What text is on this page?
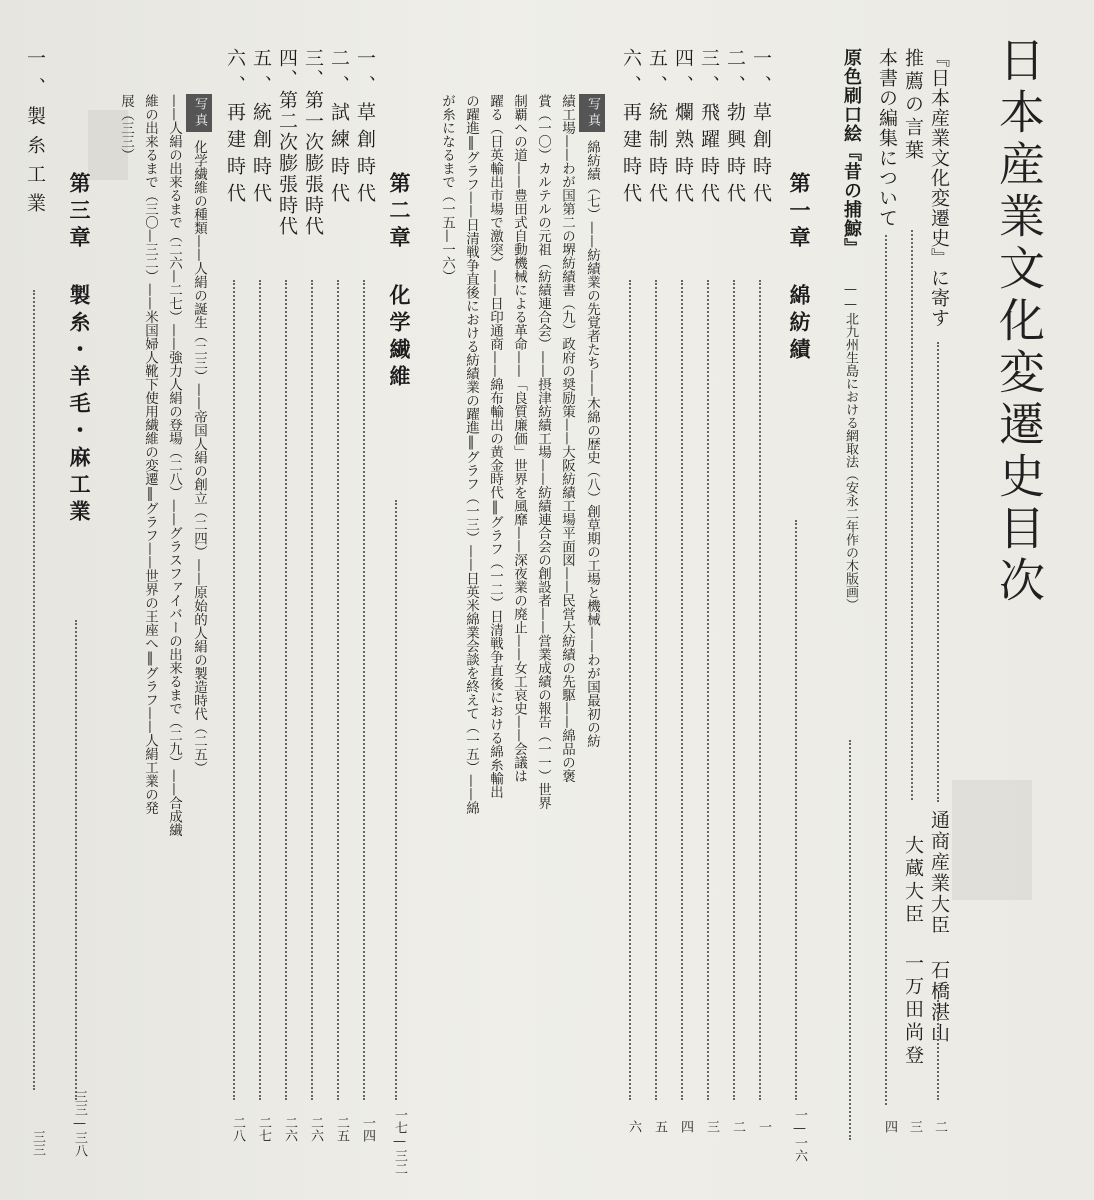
日本産業文化変遷史目次
『日本産業文化変遷史』に寄す
通商産業大臣 石橋湛山
二
推薦の言葉
大蔵大臣 一万田尚登
三
本書の編集について
四
原色刷口絵『昔の捕鯨』
——北九州生島における網取法（安永二年作の木版画）
第一章 綿紡績
一—一六
一、草創時代
一
二、勃興時代
二
三、飛躍時代
三
四、爛熟時代
四
五、統制時代
五
六、再建時代
六
写真綿紡績（七）——紡績業の先覚者たち——木綿の歴史（八）創草期の工場と機械——わが国最初の紡
績工場——わが国第二の堺紡績書（九）政府の奨励策——大阪紡績工場平面図——民営大紡績の先駆——綿品の褒
賞（一〇）カルテルの元祖（紡績連合会）——摂津紡績工場——紡績連合会の創設者——営業成績の報告（一一）世界
制覇への道——豊田式自動機械による革命——「良質廉価」世界を風靡——深夜業の廃止——女工哀史——会議は
躍る（日英輸出市場で激突）——日印通商——綿布輸出の黄金時代‖グラフ（一二）日清戦争直後における綿糸輸出
の躍進‖グラフ——日清戦争直後における紡績業の躍進‖グラフ（一三）——日英米綿業会談を終えて（一五）——綿
が糸になるまで（一五—一六）
第二章 化学繊維
一七—三二
一、草創時代
一四
二、試練時代
二五
三、第一次膨張時代
二六
四、第二次膨張時代
二六
五、統創時代
二七
六、再建時代
二八
写真化学繊維の種類——人絹の誕生（二三）——帝国人絹の創立（二四）——原始的人絹の製造時代（二五）
——人絹の出来るまで（二六—二七）——強力人絹の登場（二八）——グラスファイバーの出来るまで（二九）——合成繊
維の出来るまで（三〇—三二）——米国婦人靴下使用繊維の変遷‖グラフ——世界の王座へ‖グラフ——人絹工業の発
展（三三）
第三章 製糸・羊毛・麻工業
三三—三八
一、製糸工業
三三
